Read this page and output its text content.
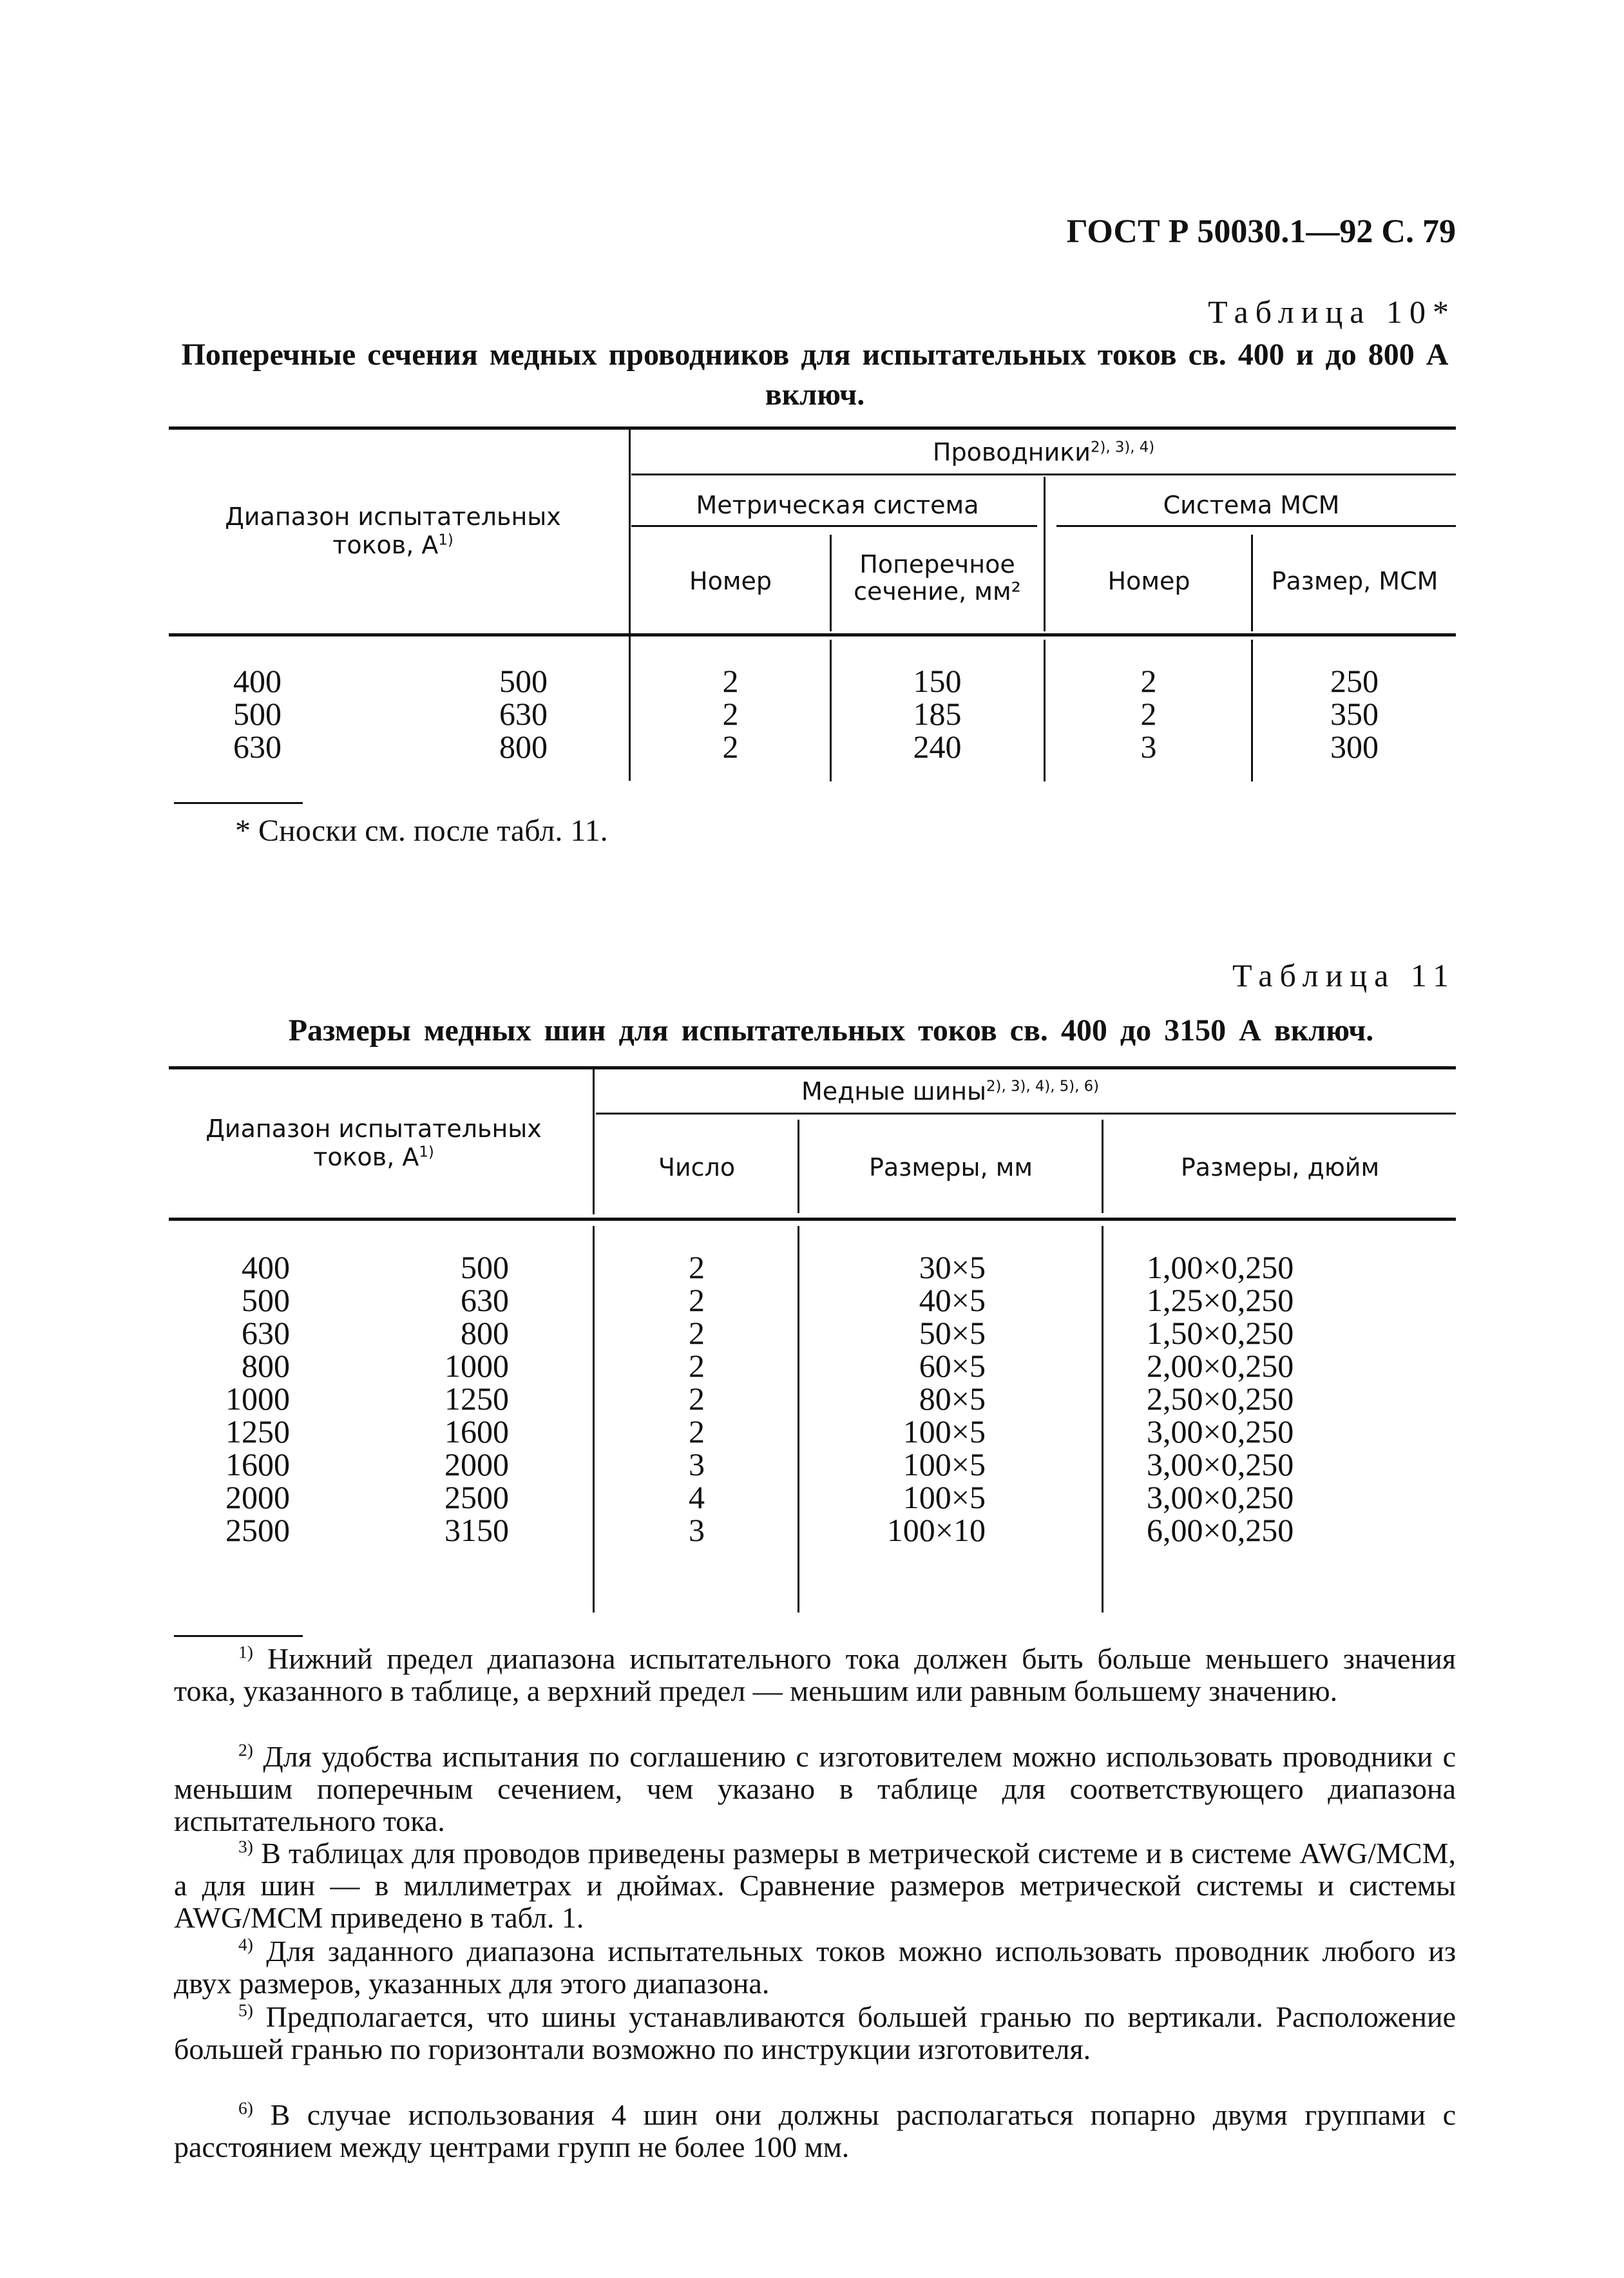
ГОСТ Р 50030.1—92 С. 79
Таблица 10*
Поперечные сечения медных проводников для испытательных токов св. 400 и до 800 А включ.
Диапазон испытательных токов, $А^{1)}$
Проводники$^{2), 3), 4)}$
Метрическая система	Система MCM
Номер
Поперечное сечение, мм²	Номер	Размер, MCM
400	500	2	150	2	250
500	630	2	185	2	350
630	800	2	240	3	300
* Сноски см. после табл. 11.
Таблица 11
Размеры медных шин для испытательных токов св. 400 до 3150 А включ.
Диапазон испытательных токов, $А^{1)}$
Медные шины$^{2), 3), 4), 5), 6)}$
Число	Размеры, мм	Размеры, дюйм
400	500	2	30×5	1,00×0,250
500	630	2	40×5	1,25×0,250
630	800	2	50×5	1,50×0,250
800	1000	2	60×5	2,00×0,250
1000	1250	2	80×5	2,50×0,250
1250	1600	2	100×5	3,00×0,250
1600	2000	3	100×5	3,00×0,250
2000	2500	4	100×5	3,00×0,250
2500	3150	3	100×10	6,00×0,250
$^{1)}$ Нижний предел диапазона испытательного тока должен быть больше меньшего значения тока, указанного в таблице, а верхний предел — меньшим или равным большему значению.
$^{2)}$ Для удобства испытания по соглашению с изготовителем можно использовать проводники с меньшим поперечным сечением, чем указано в таблице для соответствующего диапазона испытательного тока.
$^{3)}$ В таблицах для проводов приведены размеры в метрической системе и в системе AWG/MCM, а для шин — в миллиметрах и дюймах. Сравнение размеров метрической системы и системы AWG/MCM приведено в табл. 1.
$^{4)}$ Для заданного диапазона испытательных токов можно использовать проводник любого из двух размеров, указанных для этого диапазона.
$^{5)}$ Предполагается, что шины устанавливаются большей гранью по вертикали. Расположение большей гранью по горизонтали возможно по инструкции изготовителя.
$^{6)}$ В случае использования 4 шин они должны располагаться попарно двумя группами с расстоянием между центрами групп не более 100 мм.
